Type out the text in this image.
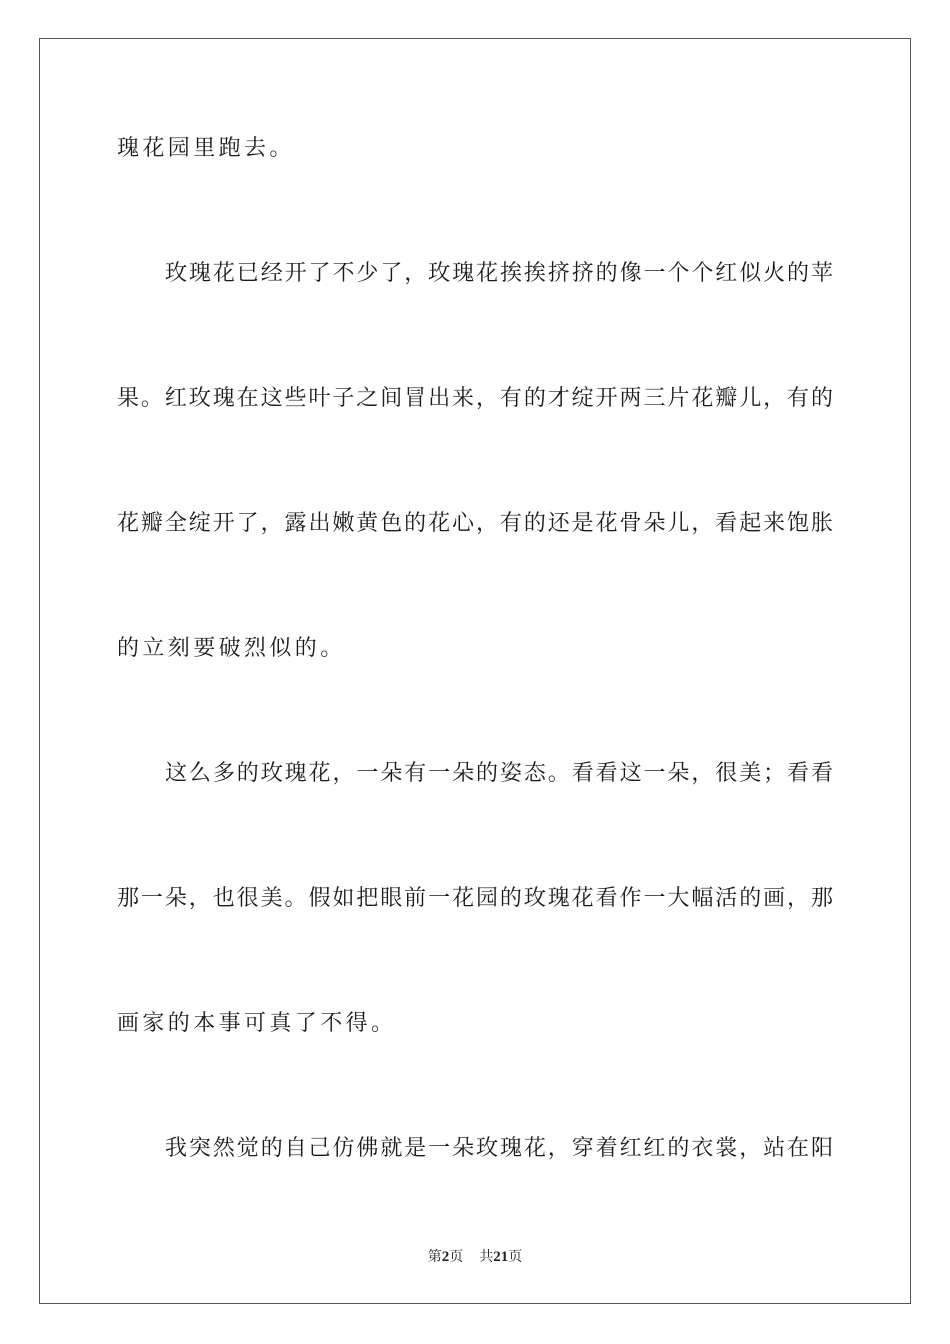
瑰花园里跑去。

玫瑰花已经开了不少了，玫瑰花挨挨挤挤的像一个个红似火的苹

果。红玫瑰在这些叶子之间冒出来，有的才绽开两三片花瓣儿，有的

花瓣全绽开了，露出嫩黄色的花心，有的还是花骨朵儿，看起来饱胀

的立刻要破烈似的。

这么多的玫瑰花，一朵有一朵的姿态。看看这一朵，很美；看看

那一朵，也很美。假如把眼前一花园的玫瑰花看作一大幅活的画，那

画家的本事可真了不得。

我突然觉的自己仿佛就是一朵玫瑰花，穿着红红的衣裳，站在阳

第2页 共21页
